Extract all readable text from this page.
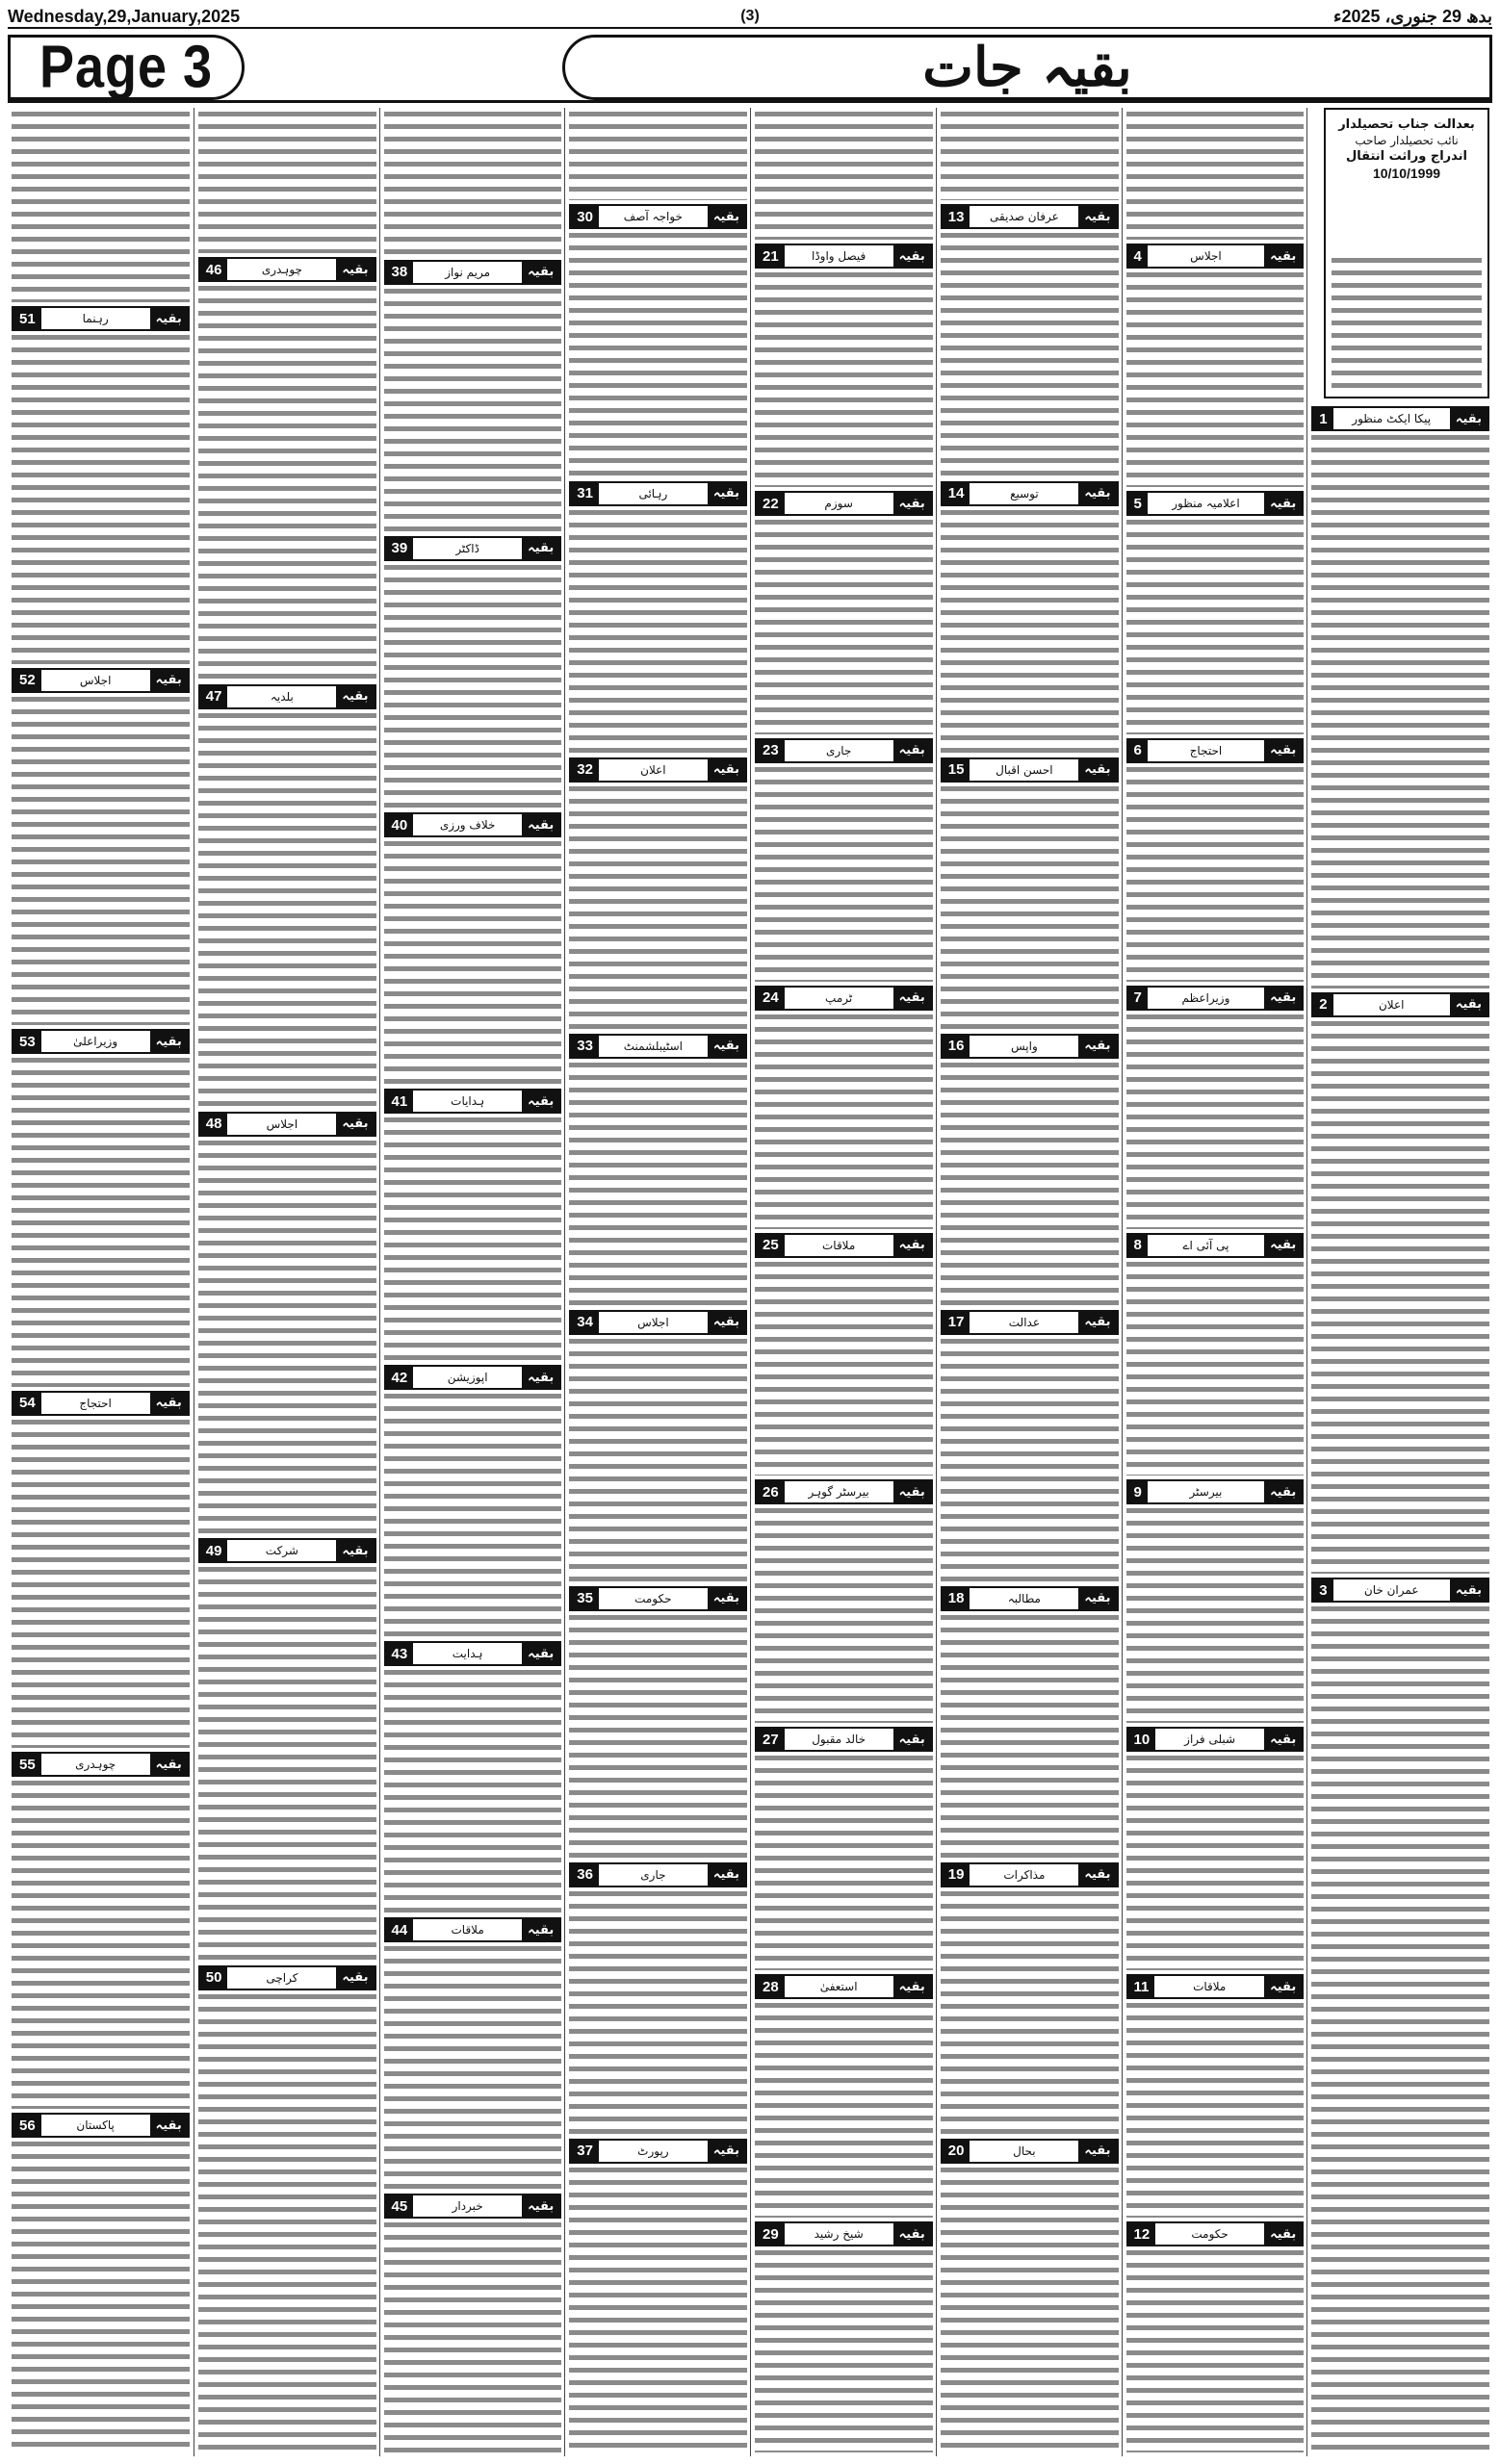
Wednesday,29,January,2025	(3)	بدھ 29 جنوری، 2025ء
Page 3	بقیہ جات
بعدالت جناب تحصیلدار
نائب تحصیلدار صاحب
اندراج وراثت انتقال
10/10/1999
بقیہ
پیکا ایکٹ منظور
1
بقیہ
اعلان
2
بقیہ
عمران خان
3
بقیہ
اجلاس
4
بقیہ
اعلامیہ منظور
5
بقیہ
احتجاج
6
بقیہ
وزیراعظم
7
بقیہ
پی آئی اے
8
بقیہ
بیرسٹر
9
بقیہ
شبلی فراز
10
بقیہ
ملاقات
11
بقیہ
حکومت
12
بقیہ
عرفان صدیقی
13
بقیہ
توسیع
14
بقیہ
احسن اقبال
15
بقیہ
واپس
16
بقیہ
عدالت
17
بقیہ
مطالبہ
18
بقیہ
مذاکرات
19
بقیہ
بحال
20
بقیہ
فیصل واوڈا
21
بقیہ
سوزم
22
بقیہ
جاری
23
بقیہ
ٹرمپ
24
بقیہ
ملاقات
25
بقیہ
بیرسٹر گوہر
26
بقیہ
خالد مقبول
27
بقیہ
استعفیٰ
28
بقیہ
شیخ رشید
29
بقیہ
خواجہ آصف
30
بقیہ
رہائی
31
بقیہ
اعلان
32
بقیہ
اسٹیبلشمنٹ
33
بقیہ
اجلاس
34
بقیہ
حکومت
35
بقیہ
جاری
36
بقیہ
رپورٹ
37
بقیہ
مریم نواز
38
بقیہ
ڈاکٹر
39
بقیہ
خلاف ورزی
40
بقیہ
ہدایات
41
بقیہ
اپوزیشن
42
بقیہ
ہدایت
43
بقیہ
ملاقات
44
بقیہ
خبردار
45
بقیہ
چوہدری
46
بقیہ
بلدیہ
47
بقیہ
اجلاس
48
بقیہ
شرکت
49
بقیہ
کراچی
50
بقیہ
رہنما
51
بقیہ
اجلاس
52
بقیہ
وزیراعلیٰ
53
بقیہ
احتجاج
54
بقیہ
چوہدری
55
بقیہ
پاکستان
56
